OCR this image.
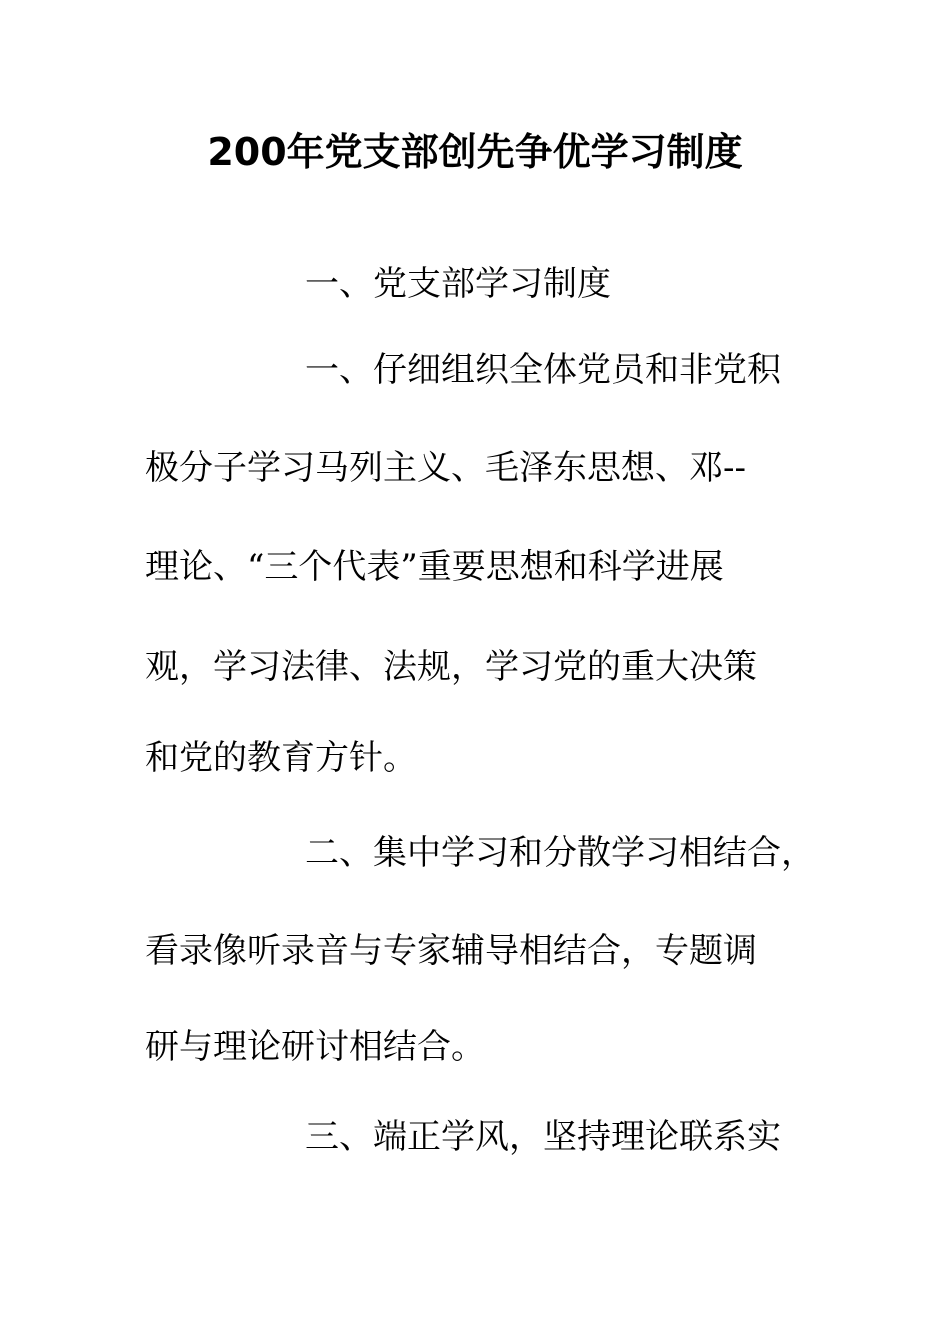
200年党支部创先争优学习制度

一、党支部学习制度

一、仔细组织全体党员和非党积

极分子学习马列主义、毛泽东思想、邓--

理论、“三个代表”重要思想和科学进展

观，学习法律、法规，学习党的重大决策

和党的教育方针。

二、集中学习和分散学习相结合，

看录像听录音与专家辅导相结合，专题调

研与理论研讨相结合。

三、端正学风，坚持理论联系实
